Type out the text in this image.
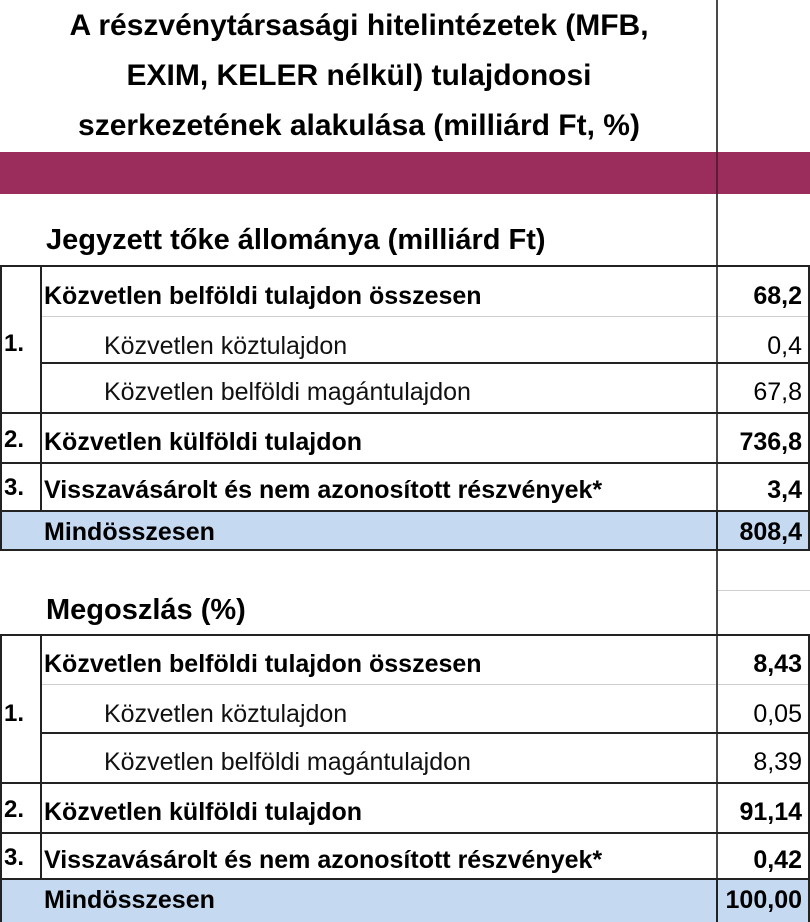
A részvénytársasági hitelintézetek (MFB,
EXIM, KELER nélkül) tulajdonosi
szerkezetének alakulása (milliárd Ft, %)
Jegyzett tőke állománya (milliárd Ft)
1.
Közvetlen belföldi tulajdon összesen	68,2
Közvetlen köztulajdon	0,4
Közvetlen belföldi magántulajdon	67,8
2. Közvetlen külföldi tulajdon	736,8
3. Visszavásárolt és nem azonosított részvények*	3,4
Mindösszesen	808,4
Megoszlás (%)
1.
Közvetlen belföldi tulajdon összesen	8,43
Közvetlen köztulajdon	0,05
Közvetlen belföldi magántulajdon	8,39
2. Közvetlen külföldi tulajdon	91,14
3. Visszavásárolt és nem azonosított részvények*	0,42
Mindösszesen	100,00
